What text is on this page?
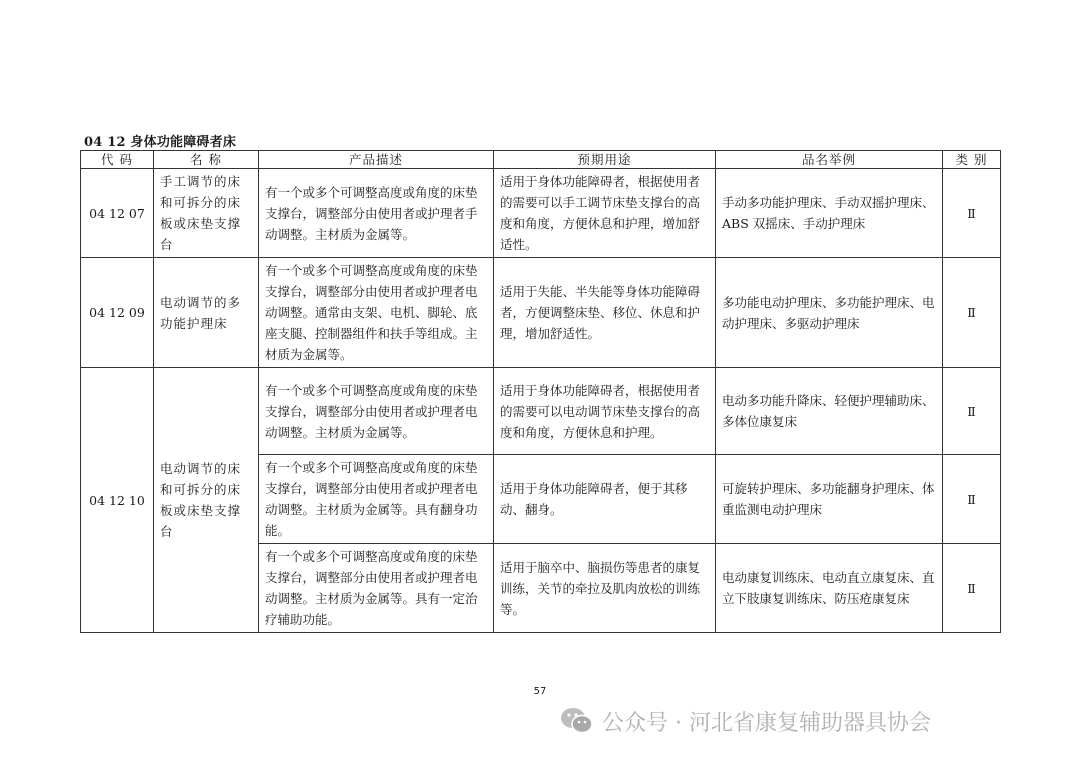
04 12 身体功能障碍者床
代 码	名 称	产品描述	预期用途	品名举例	类 别
04 12 07	手工调节的床和可拆分的床板或床垫支撑台	有一个或多个可调整高度或角度的床垫支撑台，调整部分由使用者或护理者手动调整。主材质为金属等。	适用于身体功能障碍者，根据使用者的需要可以手工调节床垫支撑台的高度和角度，方便休息和护理，增加舒适性。	手动多功能护理床、手动双摇护理床、ABS 双摇床、手动护理床	Ⅱ
04 12 09	电动调节的多功能护理床	有一个或多个可调整高度或角度的床垫支撑台，调整部分由使用者或护理者电动调整。通常由支架、电机、脚轮、底座支腿、控制器组件和扶手等组成。主材质为金属等。	适用于失能、半失能等身体功能障碍者，方便调整床垫、移位、休息和护理，增加舒适性。	多功能电动护理床、多功能护理床、电动护理床、多驱动护理床	Ⅱ
04 12 10	电动调节的床和可拆分的床板或床垫支撑台	有一个或多个可调整高度或角度的床垫支撑台，调整部分由使用者或护理者电动调整。主材质为金属等。	适用于身体功能障碍者，根据使用者的需要可以电动调节床垫支撑台的高度和角度，方便休息和护理。	电动多功能升降床、轻便护理辅助床、多体位康复床	Ⅱ
		有一个或多个可调整高度或角度的床垫支撑台，调整部分由使用者或护理者电动调整。主材质为金属等。具有翻身功能。	适用于身体功能障碍者，便于其移动、翻身。	可旋转护理床、多功能翻身护理床、体重监测电动护理床	Ⅱ
		有一个或多个可调整高度或角度的床垫支撑台，调整部分由使用者或护理者电动调整。主材质为金属等。具有一定治疗辅助功能。	适用于脑卒中、脑损伤等患者的康复训练，关节的牵拉及肌肉放松的训练等。	电动康复训练床、电动直立康复床、直立下肢康复训练床、防压疮康复床	Ⅱ
57
公众号 · 河北省康复辅助器具协会
